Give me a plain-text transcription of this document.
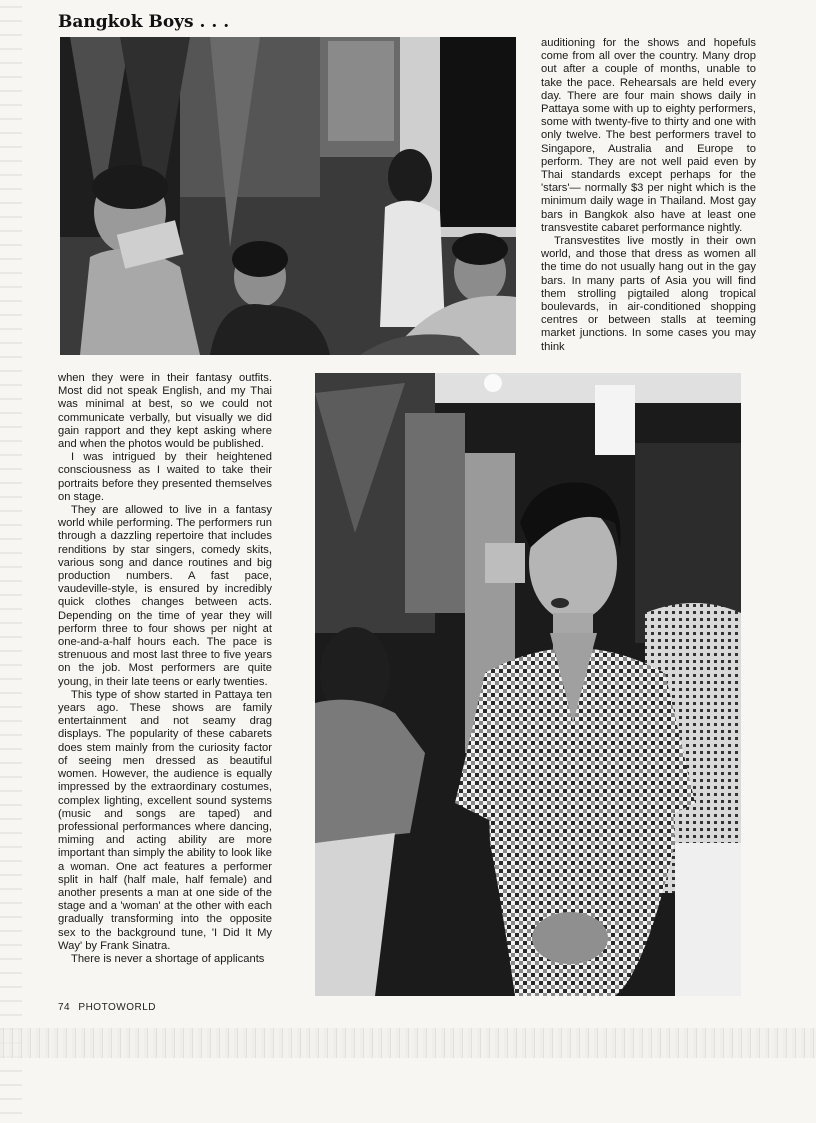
Bangkok Boys . . .

auditioning for the shows and hopefuls come from all over the country. Many drop out after a couple of months, unable to take the pace. Rehearsals are held every day. There are four main shows daily in Pattaya some with up to eighty performers, some with twenty-five to thirty and one with only twelve. The best performers travel to Singapore, Australia and Europe to perform. They are not well paid even by Thai standards except perhaps for the 'stars'— normally $3 per night which is the minimum daily wage in Thailand. Most gay bars in Bangkok also have at least one transvestite cabaret performance nightly.

Transvestites live mostly in their own world, and those that dress as women all the time do not usually hang out in the gay bars. In many parts of Asia you will find them strolling pigtailed along tropical boulevards, in air-conditioned shopping centres or between stalls at teeming market junctions. In some cases you may think

when they were in their fantasy outfits. Most did not speak English, and my Thai was minimal at best, so we could not communicate verbally, but visually we did gain rapport and they kept asking where and when the photos would be published.

I was intrigued by their heightened consciousness as I waited to take their portraits before they presented themselves on stage.

They are allowed to live in a fantasy world while performing. The performers run through a dazzling repertoire that includes renditions by star singers, comedy skits, various song and dance routines and big production numbers. A fast pace, vaudeville-style, is ensured by incredibly quick clothes changes between acts. Depending on the time of year they will perform three to four shows per night at one-and-a-half hours each. The pace is strenuous and most last three to five years on the job. Most performers are quite young, in their late teens or early twenties.

This type of show started in Pattaya ten years ago. These shows are family entertainment and not seamy drag displays. The popularity of these cabarets does stem mainly from the curiosity factor of seeing men dressed as beautiful women. However, the audience is equally impressed by the extraordinary costumes, complex lighting, excellent sound systems (music and songs are taped) and professional performances where dancing, miming and acting ability are more important than simply the ability to look like a woman. One act features a performer split in half (half male, half female) and another presents a man at one side of the stage and a 'woman' at the other with each gradually transforming into the opposite sex to the background tune, 'I Did It My Way' by Frank Sinatra.

There is never a shortage of applicants

74 PHOTOWORLD
